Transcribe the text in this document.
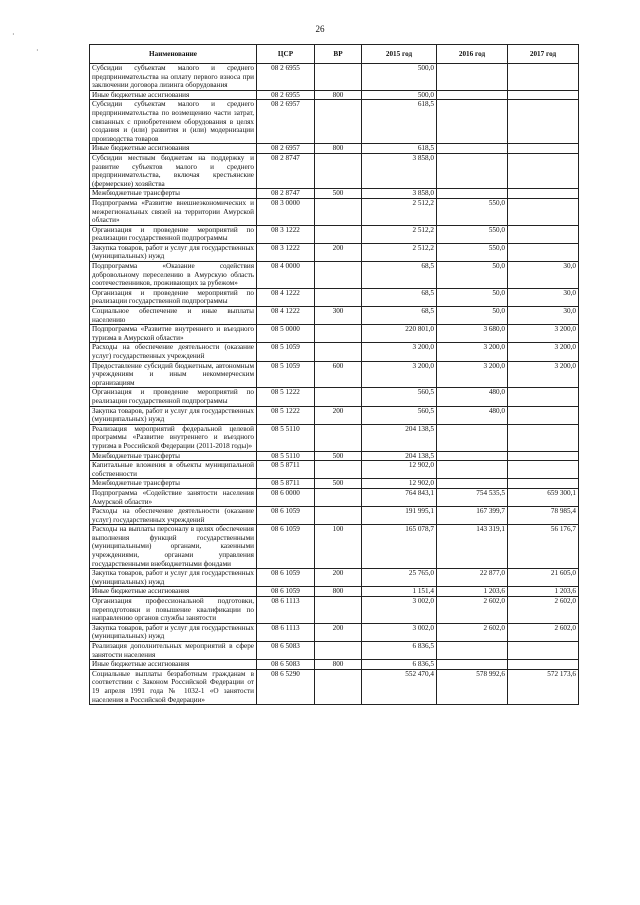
26
·
·	Наименование	ЦСР	ВР	2015 год	2016 год	2017 год
Субсидии субъектам малого и среднего предпринимательства на оплату первого взноса при заключении договора лизинга оборудования	08 2 6955		500,0		
Иные бюджетные ассигнования	08 2 6955	800	500,0		
Субсидии субъектам малого и среднего предпринимательства по возмещению части затрат, связанных с приобретением оборудования в целях создания и (или) развития и (или) модернизации производства товаров	08 2 6957		618,5		
Иные бюджетные ассигнования	08 2 6957	800	618,5		
Субсидии местным бюджетам на поддержку и развитие субъектов малого и среднего предпринимательства, включая крестьянские (фермерские) хозяйства	08 2 8747		3 858,0		
Межбюджетные трансферты	08 2 8747	500	3 858,0		
Подпрограмма «Развитие внешнеэкономических и межрегиональных связей на территории Амурской области»	08 3 0000		2 512,2	550,0	
Организация и проведение мероприятий по реализации государственной подпрограммы	08 3 1222		2 512,2	550,0	
Закупка товаров, работ и услуг для государственных (муниципальных) нужд	08 3 1222	200	2 512,2	550,0	
Подпрограмма «Оказание содействия добровольному переселению в Амурскую область соотечественников, проживающих за рубежом»	08 4 0000		68,5	50,0	30,0
Организация и проведение мероприятий по реализации государственной подпрограммы	08 4 1222		68,5	50,0	30,0
Социальное обеспечение и иные выплаты населению	08 4 1222	300	68,5	50,0	30,0
Подпрограмма «Развитие внутреннего и въездного туризма в Амурской области»	08 5 0000		220 801,0	3 680,0	3 200,0
Расходы на обеспечение деятельности (оказание услуг) государственных учреждений	08 5 1059		3 200,0	3 200,0	3 200,0
Предоставление субсидий бюджетным, автономным учреждениям и иным некоммерческим организациям	08 5 1059	600	3 200,0	3 200,0	3 200,0
Организация и проведение мероприятий по реализации государственной подпрограммы	08 5 1222		560,5	480,0	
Закупка товаров, работ и услуг для государственных (муниципальных) нужд	08 5 1222	200	560,5	480,0	
Реализация мероприятий федеральной целевой программы «Развитие внутреннего и въездного туризма в Российской Федерации (2011-2018 годы)»	08 5 5110		204 138,5		
Межбюджетные трансферты	08 5 5110	500	204 138,5		
Капитальные вложения в объекты муниципальной собственности	08 5 8711		12 902,0		
Межбюджетные трансферты	08 5 8711	500	12 902,0		
Подпрограмма «Содействие занятости населения Амурской области»	08 6 0000		764 843,1	754 535,5	659 300,1
Расходы на обеспечение деятельности (оказание услуг) государственных учреждений	08 6 1059		191 995,1	167 399,7	78 985,4
Расходы на выплаты персоналу в целях обеспечения выполнения функций государственными (муниципальными) органами, казенными учреждениями, органами управления государственными внебюджетными фондами	08 6 1059	100	165 078,7	143 319,1	56 176,7
Закупка товаров, работ и услуг для государственных (муниципальных) нужд	08 6 1059	200	25 765,0	22 877,0	21 605,0
Иные бюджетные ассигнования	08 6 1059	800	1 151,4	1 203,6	1 203,6
Организация профессиональной подготовки, переподготовки и повышение квалификации по направлению органов службы занятости	08 6 1113		3 002,0	2 602,0	2 602,0
Закупка товаров, работ и услуг для государственных (муниципальных) нужд	08 6 1113	200	3 002,0	2 602,0	2 602,0
Реализация дополнительных мероприятий в сфере занятости населения	08 6 5083		6 836,5		
Иные бюджетные ассигнования	08 6 5083	800	6 836,5		
Социальные выплаты безработным гражданам в соответствии с Законом Российской Федерации от 19 апреля 1991 года № 1032-1 «О занятости населения в Российской Федерации»	08 6 5290		552 470,4	578 992,6	572 173,6
